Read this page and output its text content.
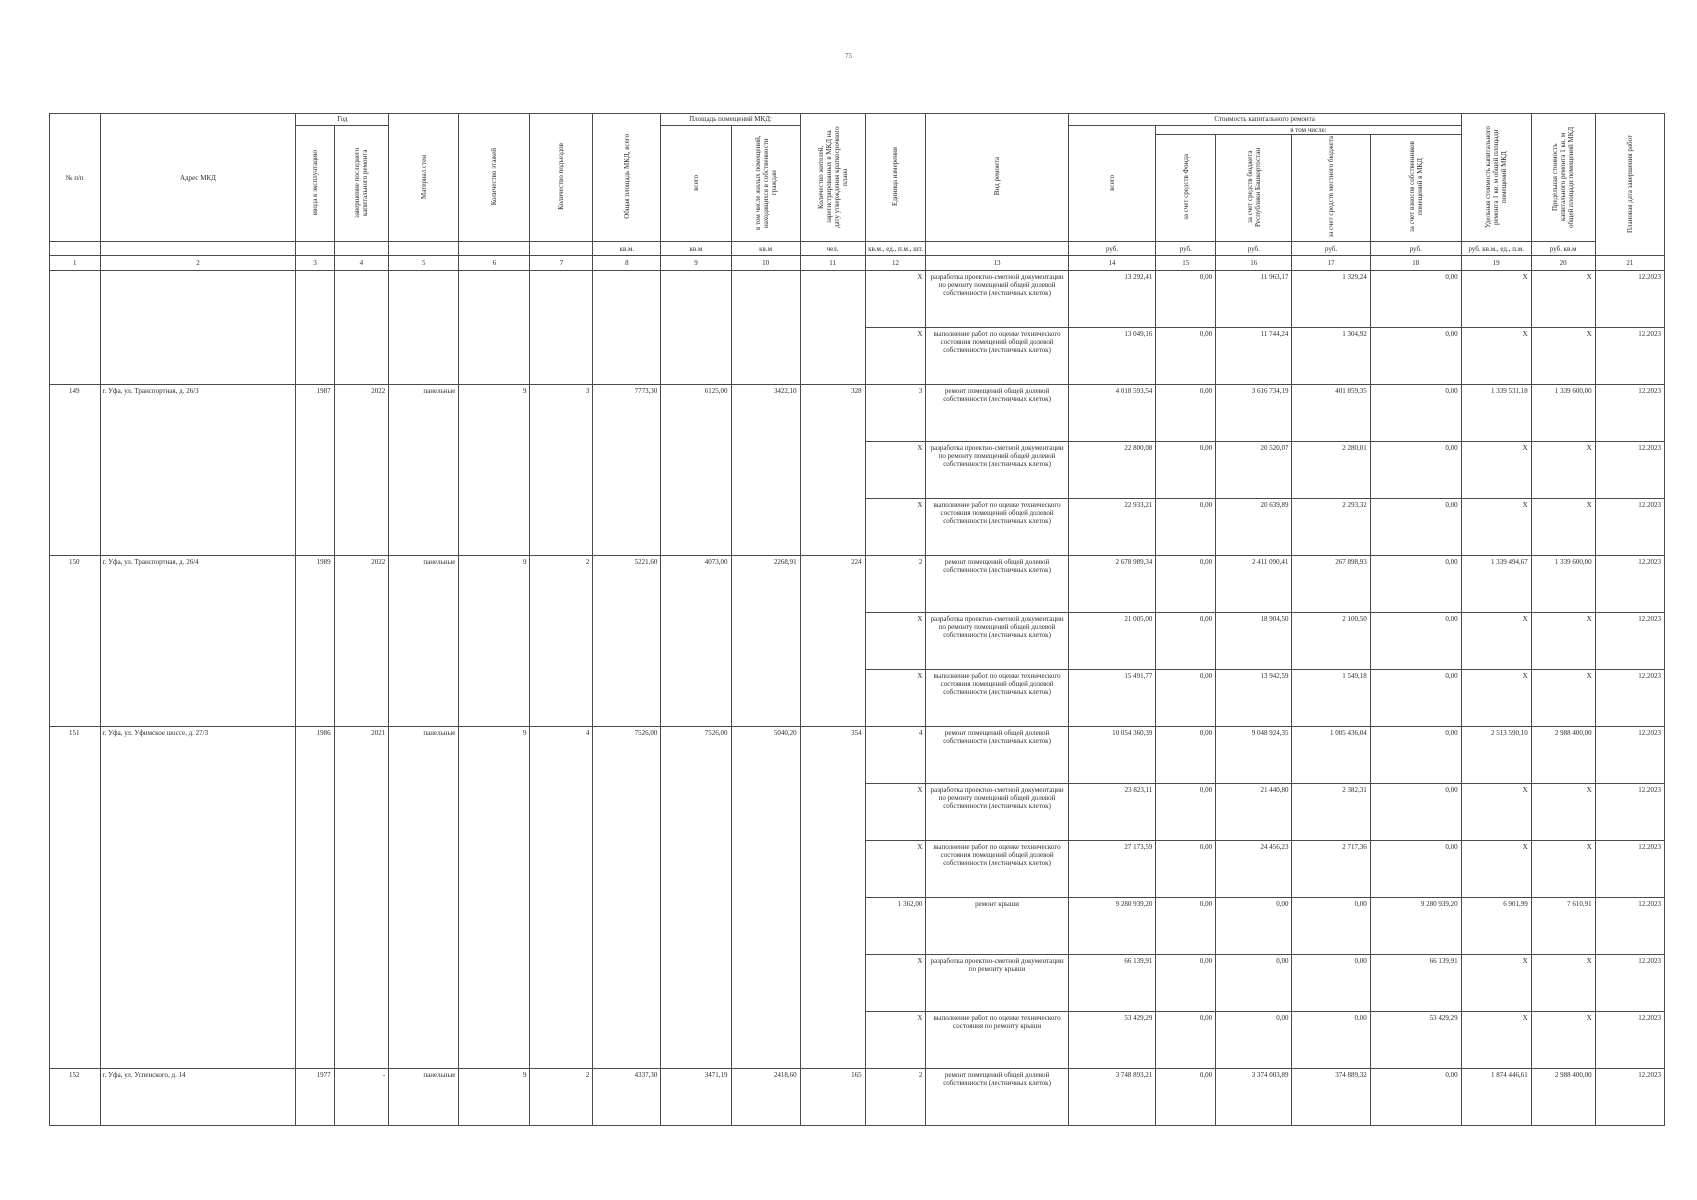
75
№ п/п	Адрес МКД	Год		Материал стен	Количество этажей	Количество подъездов	Общая площадь МКД, всего	Площадь помещений МКД:		Количество жителей, зарегистрированных в МКД на дату утверждения краткосрочного плана	Единица измерения	Вид ремонта	Стоимость капитального ремонта					Удельная стоимость капитального ремонта 1 кв. м общей площади помещений МКД	Предельная стоимость капитального ремонта 1 кв. м общей площади помещений МКД	Плановая дата завершения работ
		ввода в эксплуатацию	завершение последнего капитального ремонта					всего	в том числе жилых помещений, находящихся в собственности граждан				всего	в том числе:						
														за счет средств Фонда	за счет средств бюджета Республики Башкортостан	за счет средств местного бюджета	за счет взносов собственников помещений в МКД			
							кв.м.	кв.м	кв.м	чел.	кв.м., ед., п.м., шт.		руб.	руб.	руб.	руб.	руб.	руб. кв.м., ед., п.м.	руб. кв.м	
1	2	3	4	5	6	7	8	9	10	11	12	13	14	15	16	17	18	19	20	21
											X	разработка проектно-сметной документации по ремонту помещений общей долевой собственности (лестничных клеток)	13 292,41	0,00	11 963,17	1 329,24	0,00	X	X	12.2023
											X	выполнение работ по оценке технического состояния помещений общей долевой собственности (лестничных клеток)	13 049,16	0,00	11 744,24	1 304,92	0,00	X	X	12.2023
149	г. Уфа, ул. Транспортная, д. 26/3	1987	2022	панельные	9	3	7773,30	6125,00	3422,10	328	3	ремонт помещений общей долевой собственности (лестничных клеток)	4 018 593,54	0,00	3 616 734,19	401 859,35	0,00	1 339 531,18	1 339 600,00	12.2023
											X	разработка проектно-сметной документации по ремонту помещений общей долевой собственности (лестничных клеток)	22 800,08	0,00	20 520,07	2 280,01	0,00	X	X	12.2023
											X	выполнение работ по оценке технического состояния помещений общей долевой собственности (лестничных клеток)	22 933,21	0,00	20 639,89	2 293,32	0,00	X	X	12.2023
150	г. Уфа, ул. Транспортная, д. 26/4	1989	2022	панельные	9	2	5221,60	4073,00	2268,91	224	2	ремонт помещений общей долевой собственности (лестничных клеток)	2 678 989,34	0,00	2 411 090,41	267 898,93	0,00	1 339 494,67	1 339 600,00	12.2023
											X	разработка проектно-сметной документации по ремонту помещений общей долевой собственности (лестничных клеток)	21 005,00	0,00	18 904,50	2 100,50	0,00	X	X	12.2023
											X	выполнение работ по оценке технического состояния помещений общей долевой собственности (лестничных клеток)	15 491,77	0,00	13 942,59	1 549,18	0,00	X	X	12.2023
151	г. Уфа, ул. Уфимское шоссе, д. 27/3	1986	2021	панельные	9	4	7526,00	7526,00	5040,20	354	4	ремонт помещений общей долевой собственности (лестничных клеток)	10 054 360,39	0,00	9 048 924,35	1 005 436,04	0,00	2 513 590,10	2 988 400,00	12.2023
											X	разработка проектно-сметной документации по ремонту помещений общей долевой собственности (лестничных клеток)	23 823,11	0,00	21 440,80	2 382,31	0,00	X	X	12.2023
											X	выполнение работ по оценке технического состояния помещений общей долевой собственности (лестничных клеток)	27 173,59	0,00	24 456,23	2 717,36	0,00	X	X	12.2023
											1 362,00	ремонт крыши	9 280 939,20	0,00	0,00	0,00	9 280 939,20	6 901,99	7 610,91	12.2023
											X	разработка проектно-сметной документации по ремонту крыши	66 139,91	0,00	0,00	0,00	66 139,91	X	X	12.2023
											X	выполнение работ по оценке технического состояния по ремонту крыши	53 429,29	0,00	0,00	0,00	53 429,29	X	X	12.2023
152	г. Уфа, ул. Успенского, д. 14	1977	-	панельные	9	2	4337,30	3471,19	2418,60	165	2	ремонт помещений общей долевой собственности (лестничных клеток)	3 748 893,21	0,00	3 374 003,89	374 889,32	0,00	1 874 446,61	2 988 400,00	12.2023
